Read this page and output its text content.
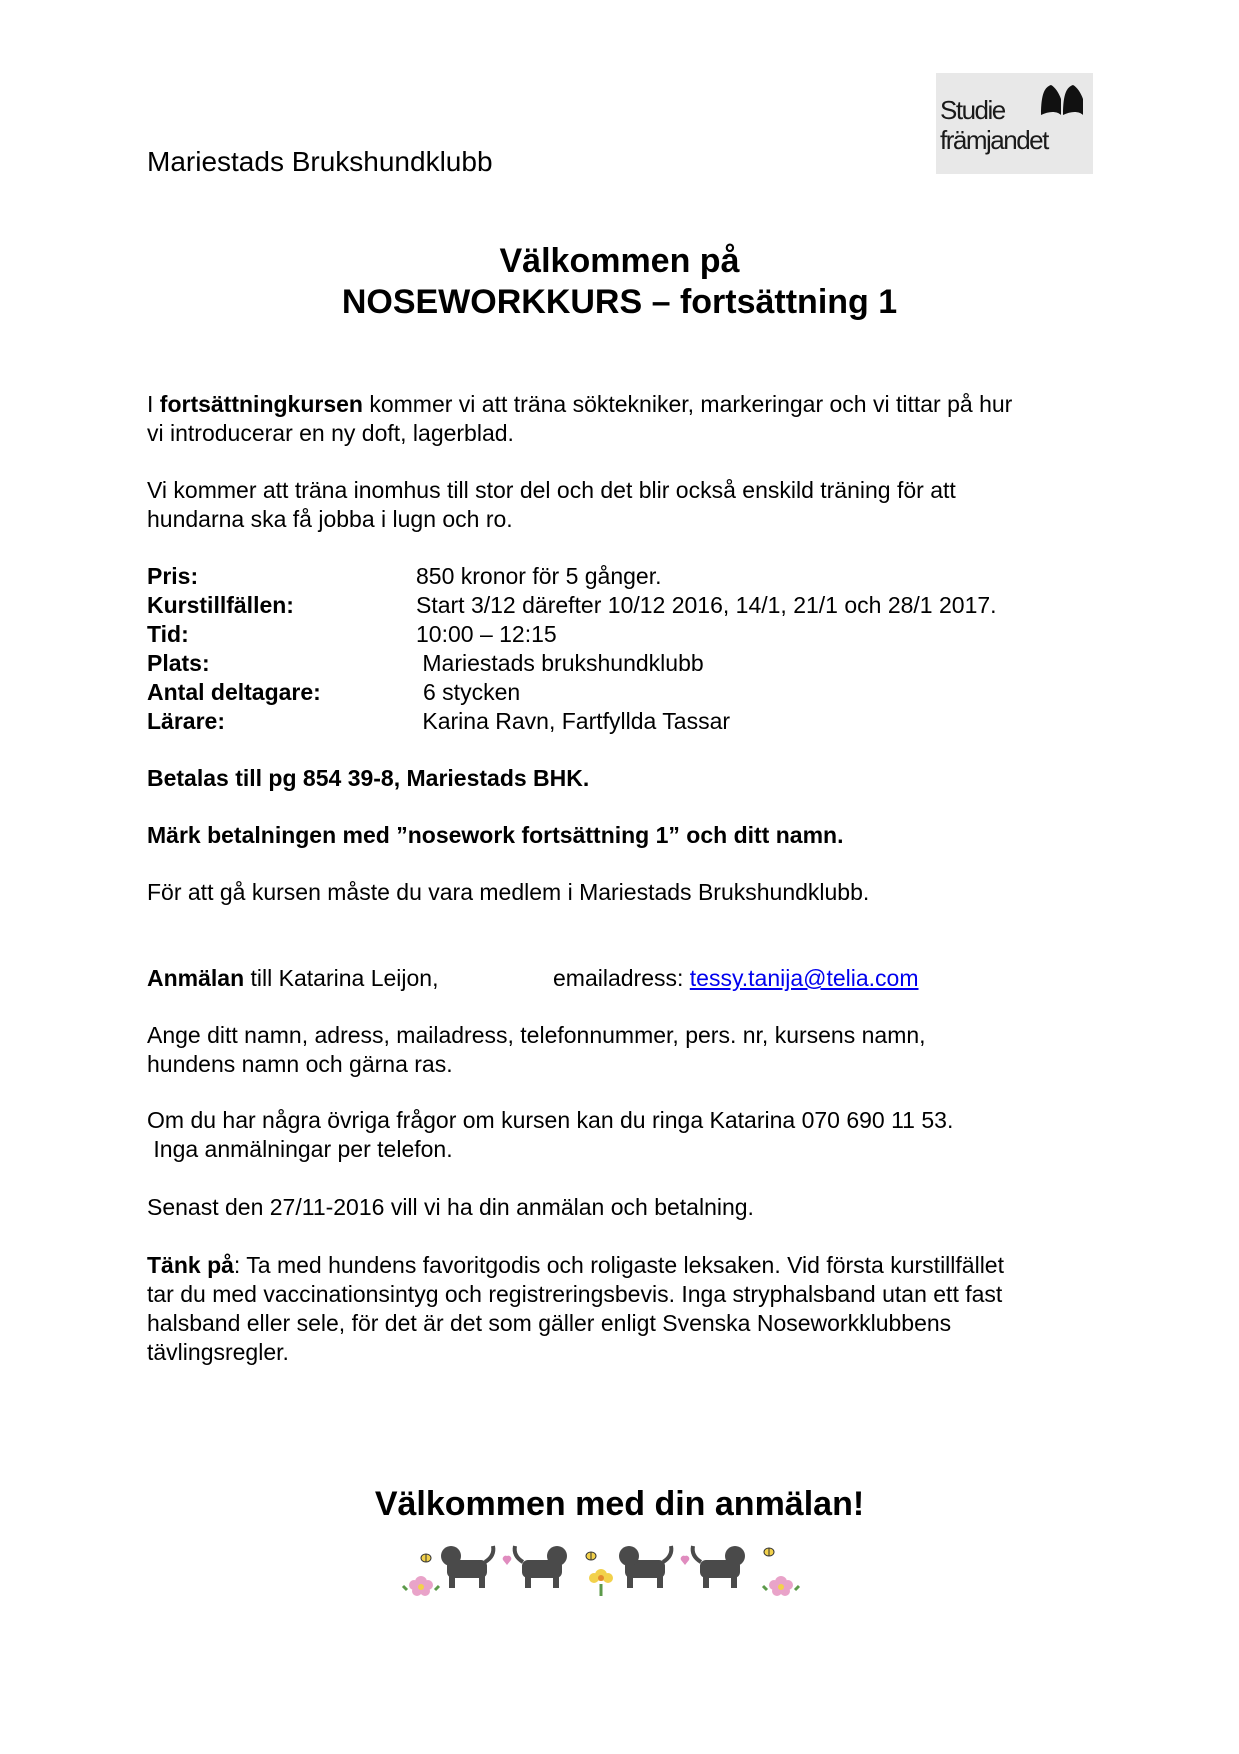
Mariestads Brukshundklubb
Studie
främjandet
Välkommen på
NOSEWORKKURS – fortsättning 1
I fortsättningkursen kommer vi att träna söktekniker, markeringar och vi tittar på hur
vi introducerar en ny doft, lagerblad.
Vi kommer att träna inomhus till stor del och det blir också enskild träning för att
hundarna ska få jobba i lugn och ro.
Pris:	850 kronor för 5 gånger.
Kurstillfällen:	Start 3/12 därefter 10/12 2016, 14/1, 21/1 och 28/1 2017.
Tid:	10:00 – 12:15
Plats:	Mariestads brukshundklubb
Antal deltagare:	6 stycken
Lärare:	Karina Ravn, Fartfyllda Tassar
Betalas till pg 854 39-8, Mariestads BHK.
Märk betalningen med ”nosework fortsättning 1” och ditt namn.
För att gå kursen måste du vara medlem i Mariestads Brukshundklubb.
Anmälan till Katarina Leijon,	emailadress: tessy.tanija@telia.com
Ange ditt namn, adress, mailadress, telefonnummer, pers. nr, kursens namn,
hundens namn och gärna ras.
Om du har några övriga frågor om kursen kan du ringa Katarina 070 690 11 53.
Inga anmälningar per telefon.
Senast den 27/11-2016 vill vi ha din anmälan och betalning.
Tänk på: Ta med hundens favoritgodis och roligaste leksaken. Vid första kurstillfället
tar du med vaccinationsintyg och registreringsbevis. Inga stryphalsband utan ett fast
halsband eller sele, för det är det som gäller enligt Svenska Noseworkklubbens
tävlingsregler.
Välkommen med din anmälan!
